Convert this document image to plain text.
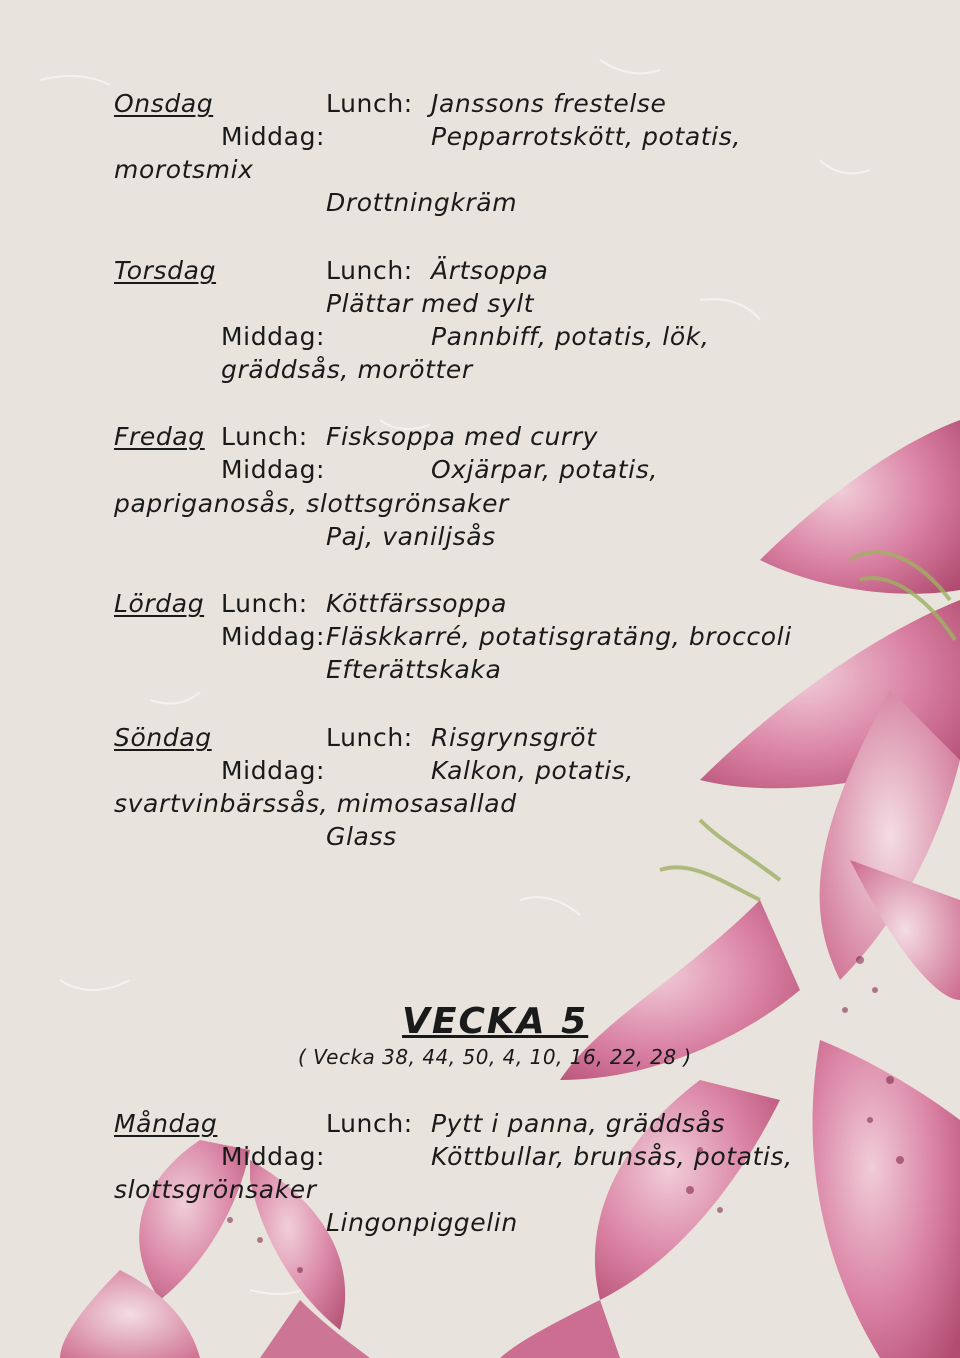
Onsdag	Lunch: Janssons frestelse
Middag:	Pepparrotskött, potatis,
morotsmix
Drottningkräm
Torsdag	Lunch: Ärtsoppa
Plättar med sylt
Middag:	Pannbiff, potatis, lök,
gräddsås, morötter
Fredag Lunch: Fisksoppa med curry
Middag:	Oxjärpar, potatis,
papriganosås, slottsgrönsaker
Paj, vaniljsås
Lördag Lunch: Köttfärssoppa
Middag: Fläskkarré, potatisgratäng, broccoli
Efterättskaka
Söndag	Lunch: Risgrynsgröt
Middag:	Kalkon, potatis,
svartvinbärssås, mimosasallad
Glass
VECKA 5
( Vecka 38, 44, 50, 4, 10, 16, 22, 28 )
Måndag	Lunch: Pytt i panna, gräddsås
Middag:	Köttbullar, brunsås, potatis,
slottsgrönsaker
Lingonpiggelin
